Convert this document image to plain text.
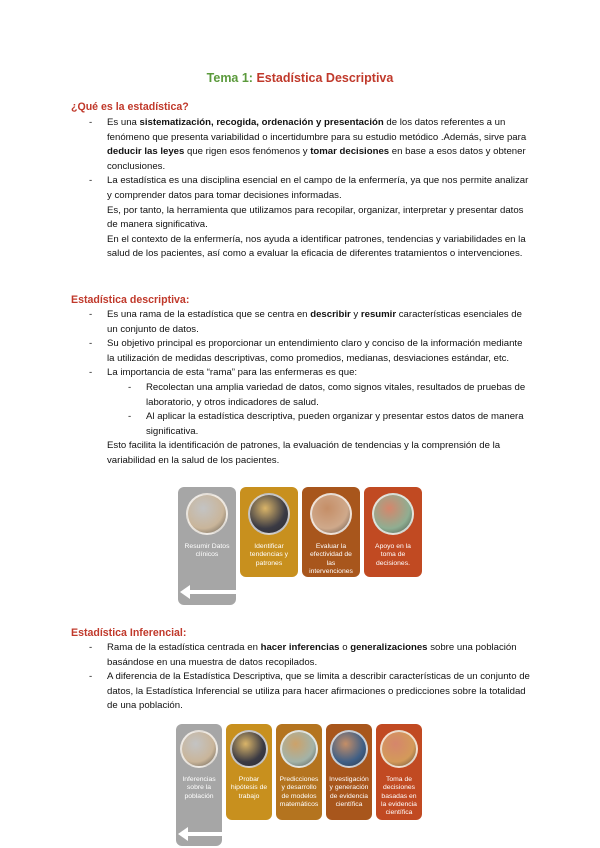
Tema 1: Estadística Descriptiva
¿Qué es la estadística?
- Es una sistematización, recogida, ordenación y presentación de los datos referentes a un fenómeno que presenta variabilidad o incertidumbre para su estudio metódico .Además, sirve para deducir las leyes que rigen esos fenómenos y tomar decisiones en base a esos datos y obtener conclusiones.
- La estadística es una disciplina esencial en el campo de la enfermería, ya que nos permite analizar y comprender datos para tomar decisiones informadas.
Es, por tanto, la herramienta que utilizamos para recopilar, organizar, interpretar y presentar datos de manera significativa.
En el contexto de la enfermería, nos ayuda a identificar patrones, tendencias y variabilidades en la salud de los pacientes, así como a evaluar la eficacia de diferentes tratamientos o intervenciones.
Estadística descriptiva:
- Es una rama de la estadística que se centra en describir y resumir características esenciales de un conjunto de datos.
- Su objetivo principal es proporcionar un entendimiento claro y conciso de la información mediante la utilización de medidas descriptivas, como promedios, medianas, desviaciones estándar, etc.
- La importancia de esta “rama” para las enfermeras es que:
- Recolectan una amplia variedad de datos, como signos vitales, resultados de pruebas de laboratorio, y otros indicadores de salud.
- Al aplicar la estadística descriptiva, pueden organizar y presentar estos datos de manera significativa.
Esto facilita la identificación de patrones, la evaluación de tendencias y la comprensión de la variabilidad en la salud de los pacientes.
Resumir Datos clínicos
Identificar tendencias y patrones
Evaluar la efectividad de las intervenciones
Apoyo en la toma de decisiones.
Estadística Inferencial:
- Rama de la estadística centrada en hacer inferencias o generalizaciones sobre una población basándose en una muestra de datos recopilados.
- A diferencia de la Estadística Descriptiva, que se limita a describir características de un conjunto de datos, la Estadística Inferencial se utiliza para hacer afirmaciones o predicciones sobre la totalidad de una población.
Inferencias sobre la población
Probar hipótesis de trabajo
Predicciones y desarrollo de modelos matemáticos
Investigación y generación de evidencia científica
Toma de decisiones basadas en la evidencia científica
